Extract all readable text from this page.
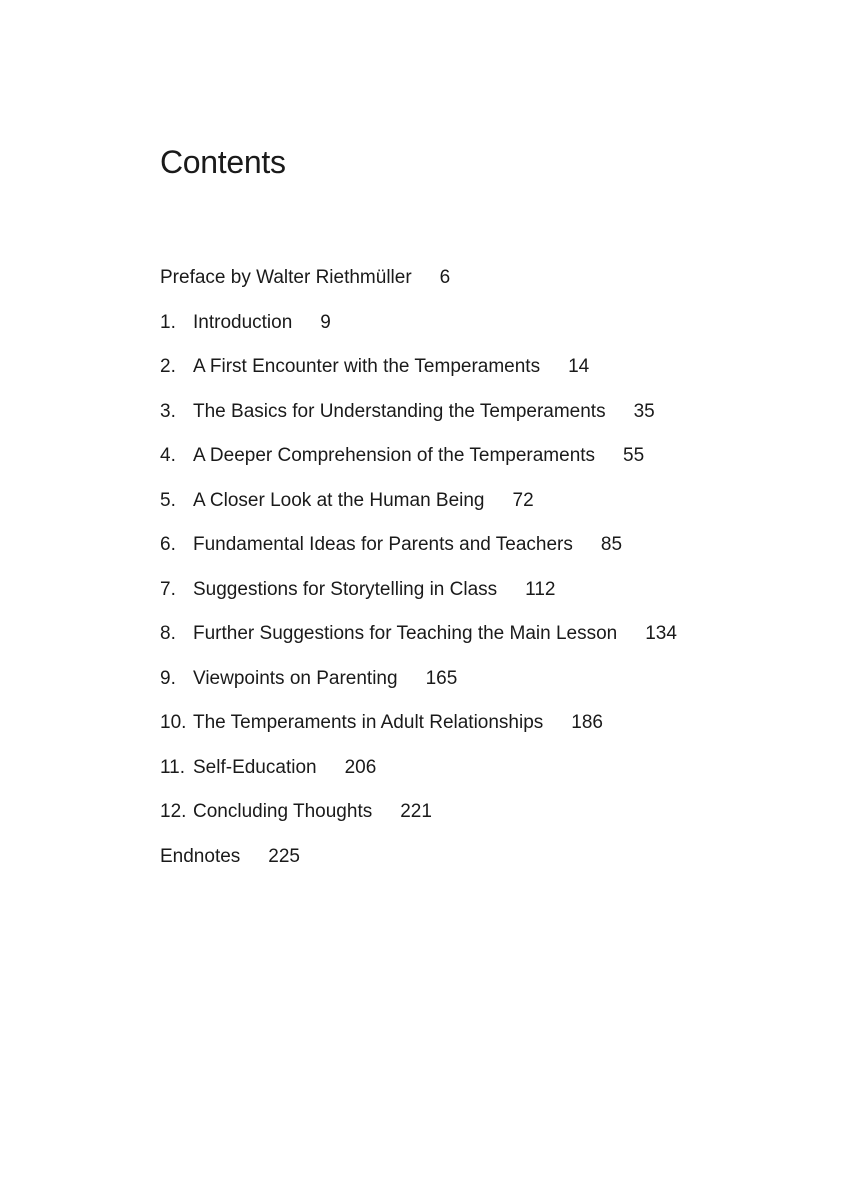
Contents
Preface by Walter Riethmüller 6
1. Introduction 9
2. A First Encounter with the Temperaments 14
3. The Basics for Understanding the Temperaments 35
4. A Deeper Comprehension of the Temperaments 55
5. A Closer Look at the Human Being 72
6. Fundamental Ideas for Parents and Teachers 85
7. Suggestions for Storytelling in Class 112
8. Further Suggestions for Teaching the Main Lesson 134
9. Viewpoints on Parenting 165
10. The Temperaments in Adult Relationships 186
11. Self-Education 206
12. Concluding Thoughts 221
Endnotes 225
